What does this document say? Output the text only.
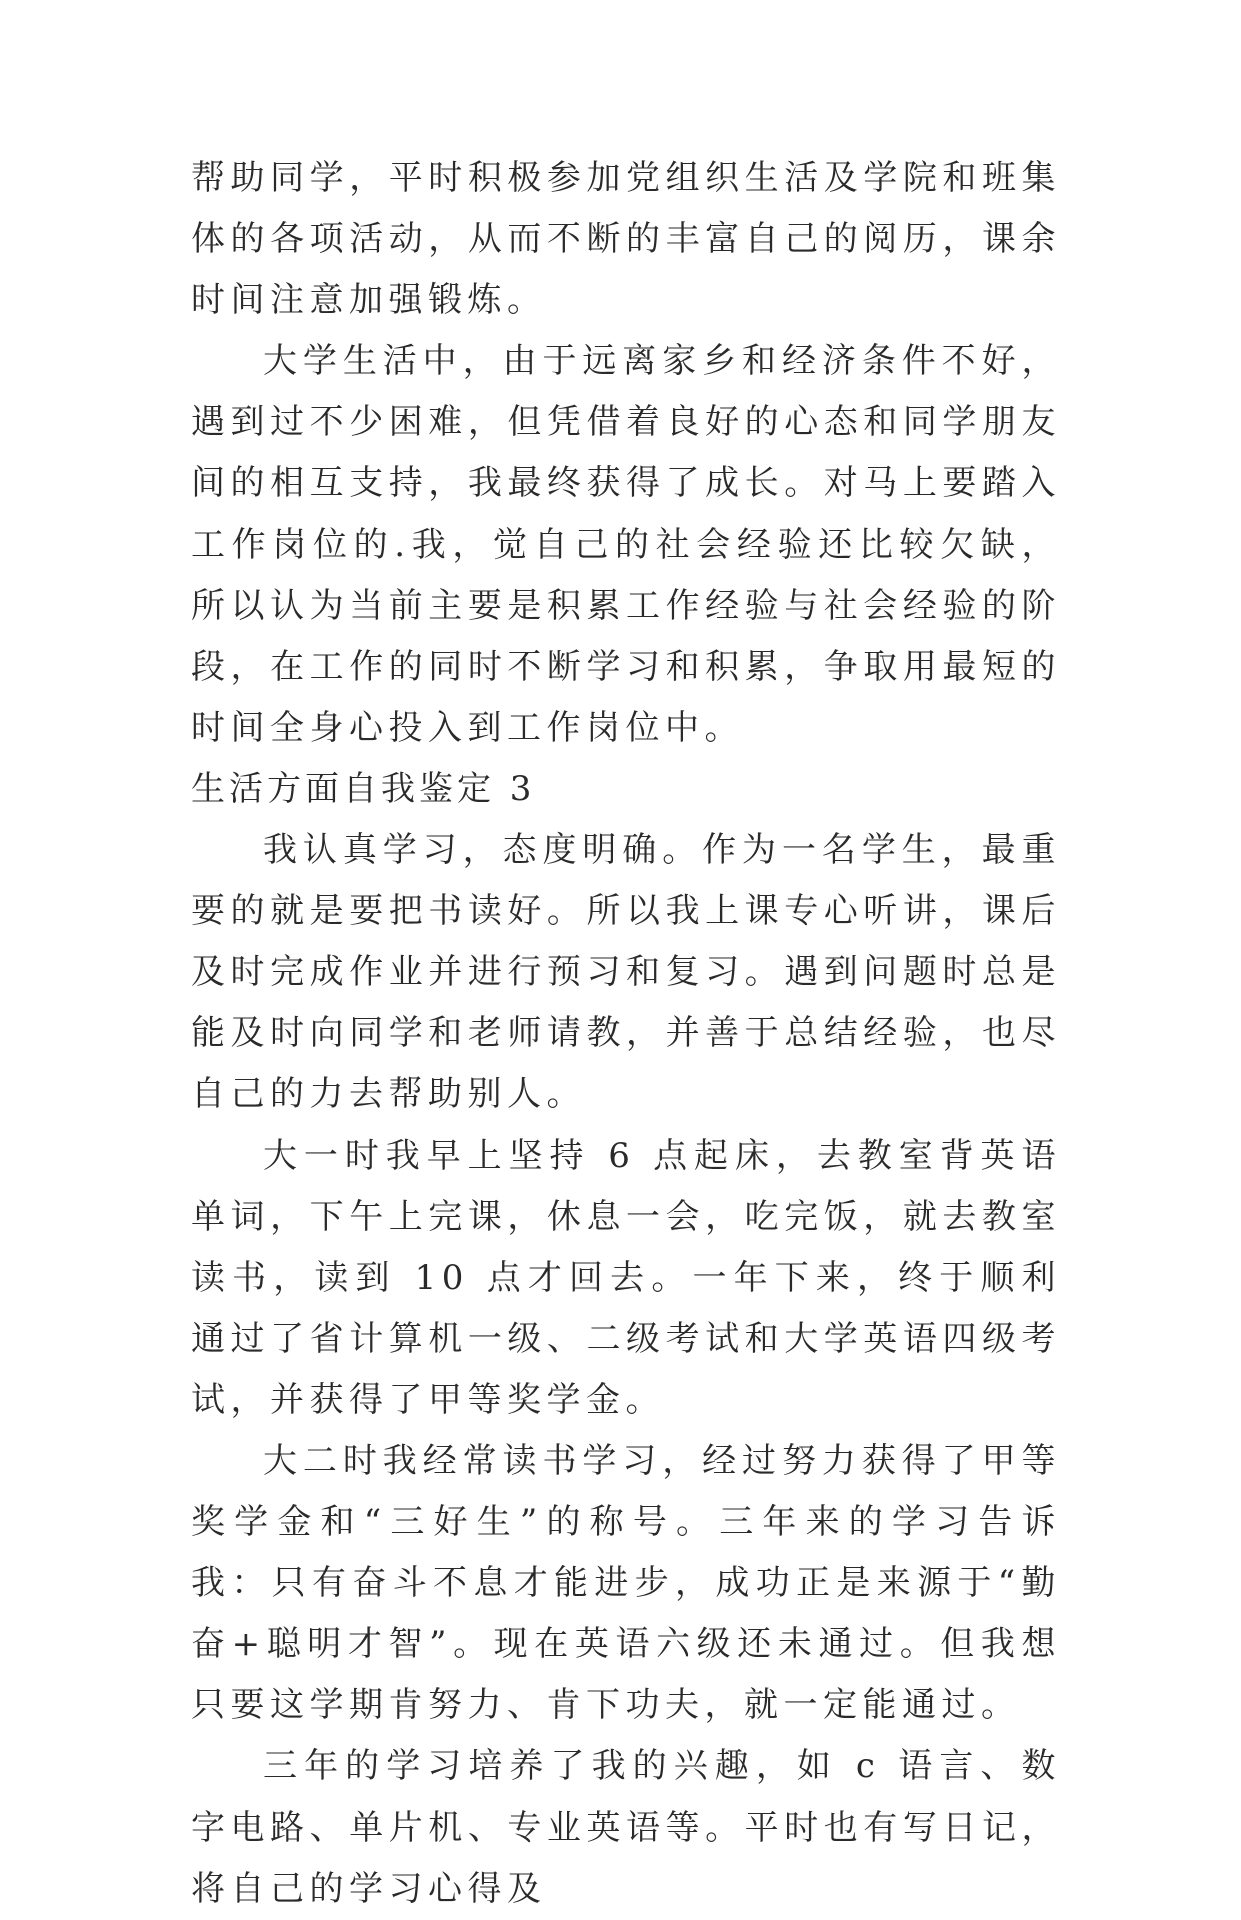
帮助同学，平时积极参加党组织生活及学院和班集体的各项活动，从而不断的丰富自己的阅历，课余时间注意加强锻炼。

大学生活中，由于远离家乡和经济条件不好，遇到过不少困难，但凭借着良好的心态和同学朋友间的相互支持，我最终获得了成长。对马上要踏入工作岗位的.我，觉自己的社会经验还比较欠缺，所以认为当前主要是积累工作经验与社会经验的阶段，在工作的同时不断学习和积累，争取用最短的时间全身心投入到工作岗位中。

生活方面自我鉴定 3

我认真学习，态度明确。作为一名学生，最重要的就是要把书读好。所以我上课专心听讲，课后及时完成作业并进行预习和复习。遇到问题时总是能及时向同学和老师请教，并善于总结经验，也尽自己的力去帮助别人。

大一时我早上坚持 6 点起床，去教室背英语单词，下午上完课，休息一会，吃完饭，就去教室读书，读到 10 点才回去。一年下来，终于顺利通过了省计算机一级、二级考试和大学英语四级考试，并获得了甲等奖学金。

大二时我经常读书学习，经过努力获得了甲等奖学金和“三好生”的称号。三年来的学习告诉我：只有奋斗不息才能进步，成功正是来源于“勤奋+聪明才智”。现在英语六级还未通过。但我想只要这学期肯努力、肯下功夫，就一定能通过。

三年的学习培养了我的兴趣，如 c 语言、数字电路、单片机、专业英语等。平时也有写日记，将自己的学习心得及
